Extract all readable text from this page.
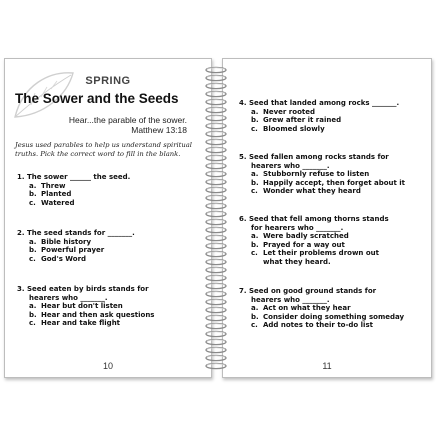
SPRING
The Sower and the Seeds
Hear...the parable of the sower.
Matthew 13:18
Jesus used parables to help us understand spiritual truths. Pick the correct word to fill in the blank.
1. The sower ______ the seed.
a. Threw
b. Planted
c. Watered
2. The seed stands for _______.
a. Bible history
b. Powerful prayer
c. God's Word
3. Seed eaten by birds stands for
hearers who _______.
a. Hear but don't listen
b. Hear and then ask questions
c. Hear and take flight
10
4. Seed that landed among rocks _______.
a. Never rooted
b. Grew after it rained
c. Bloomed slowly
5. Seed fallen among rocks stands for
hearers who _______.
a. Stubbornly refuse to listen
b. Happily accept, then forget about it
c. Wonder what they heard
6. Seed that fell among thorns stands
for hearers who _______.
a. Were badly scratched
b. Prayed for a way out
c. Let their problems drown out
what they heard.
7. Seed on good ground stands for
hearers who _______.
a. Act on what they hear
b. Consider doing something someday
c. Add notes to their to-do list
11
